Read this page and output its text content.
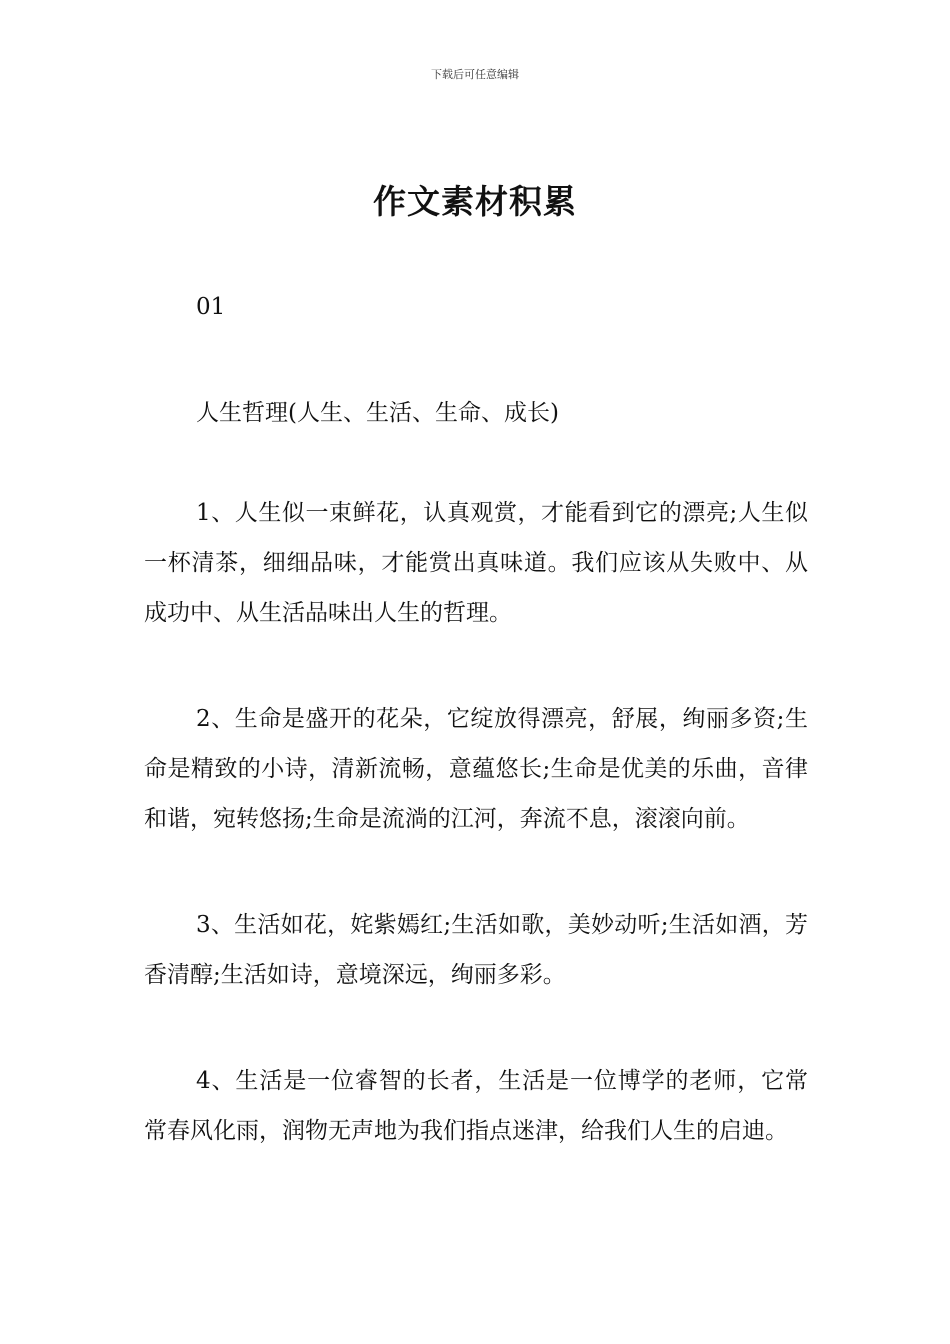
下载后可任意编辑
作文素材积累

01

人生哲理(人生、生活、生命、成长)

1、人生似一束鲜花，认真观赏，才能看到它的漂亮;人生似一杯清茶，细细品味，才能赏出真味道。我们应该从失败中、从成功中、从生活品味出人生的哲理。

2、生命是盛开的花朵，它绽放得漂亮，舒展，绚丽多资;生命是精致的小诗，清新流畅，意蕴悠长;生命是优美的乐曲，音律和谐，宛转悠扬;生命是流淌的江河，奔流不息，滚滚向前。

3、生活如花，姹紫嫣红;生活如歌，美妙动听;生活如酒，芳香清醇;生活如诗，意境深远，绚丽多彩。

4、生活是一位睿智的长者，生活是一位博学的老师，它常常春风化雨，润物无声地为我们指点迷津，给我们人生的启迪。
